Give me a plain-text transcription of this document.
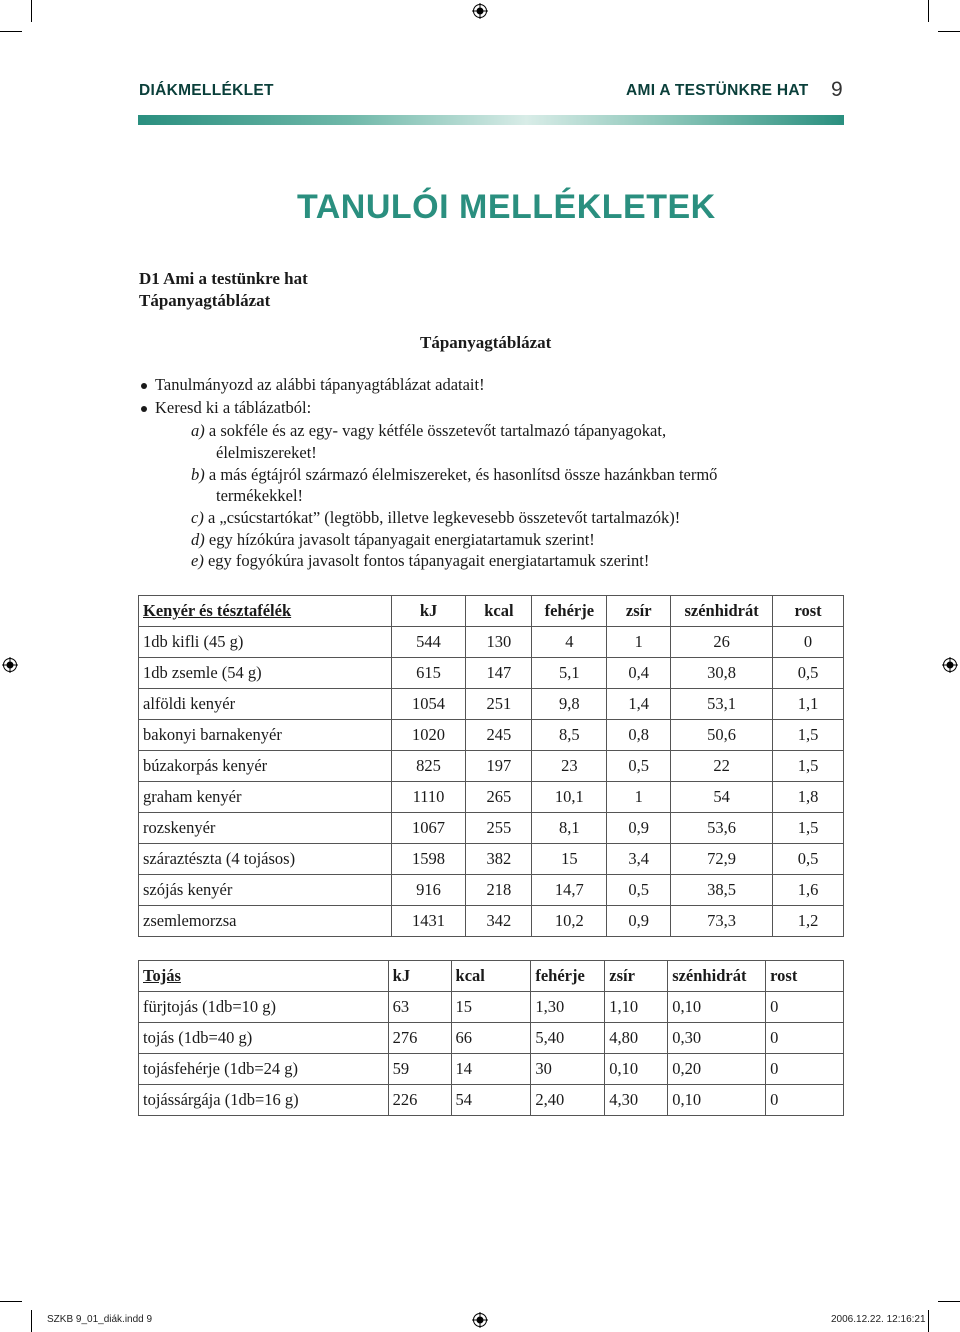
DIÁKMELLÉKLET	AMI A TESTÜNKRE HAT 9
TANULÓI MELLÉKLETEK
D1 Ami a testünkre hat
Tápanyagtáblázat
Tápanyagtáblázat
Tanulmányozd az alábbi tápanyagtáblázat adatait!
Keresd ki a táblázatból:
a) a sokféle és az egy- vagy kétféle összetevőt tartalmazó tápanyagokat,
élelmiszereket!
b) a más égtájról származó élelmiszereket, és hasonlítsd össze hazánkban termő
termékekkel!
c) a „csúcstartókat” (legtöbb, illetve legkevesebb összetevőt tartalmazók)!
d) egy hízókúra javasolt tápanyagait energiatartamuk szerint!
e) egy fogyókúra javasolt fontos tápanyagait energiatartamuk szerint!
Kenyér és tésztafélék	kJ	kcal	fehérje	zsír	szénhidrát	rost
1db kifli (45 g)	544	130	4	1	26	0
1db zsemle (54 g)	615	147	5,1	0,4	30,8	0,5
alföldi kenyér	1054	251	9,8	1,4	53,1	1,1
bakonyi barnakenyér	1020	245	8,5	0,8	50,6	1,5
búzakorpás kenyér	825	197	23	0,5	22	1,5
graham kenyér	1110	265	10,1	1	54	1,8
rozskenyér	1067	255	8,1	0,9	53,6	1,5
száraztészta (4 tojásos)	1598	382	15	3,4	72,9	0,5
szójás kenyér	916	218	14,7	0,5	38,5	1,6
zsemlemorzsa	1431	342	10,2	0,9	73,3	1,2
Tojás	kJ	kcal	fehérje	zsír	szénhidrát	rost
fürjtojás (1db=10 g)	63	15	1,30	1,10	0,10	0
tojás (1db=40 g)	276	66	5,40	4,80	0,30	0
tojásfehérje (1db=24 g)	59	14	30	0,10	0,20	0
tojássárgája (1db=16 g)	226	54	2,40	4,30	0,10	0
SZKB 9_01_diák.indd 9	2006.12.22. 12:16:21
